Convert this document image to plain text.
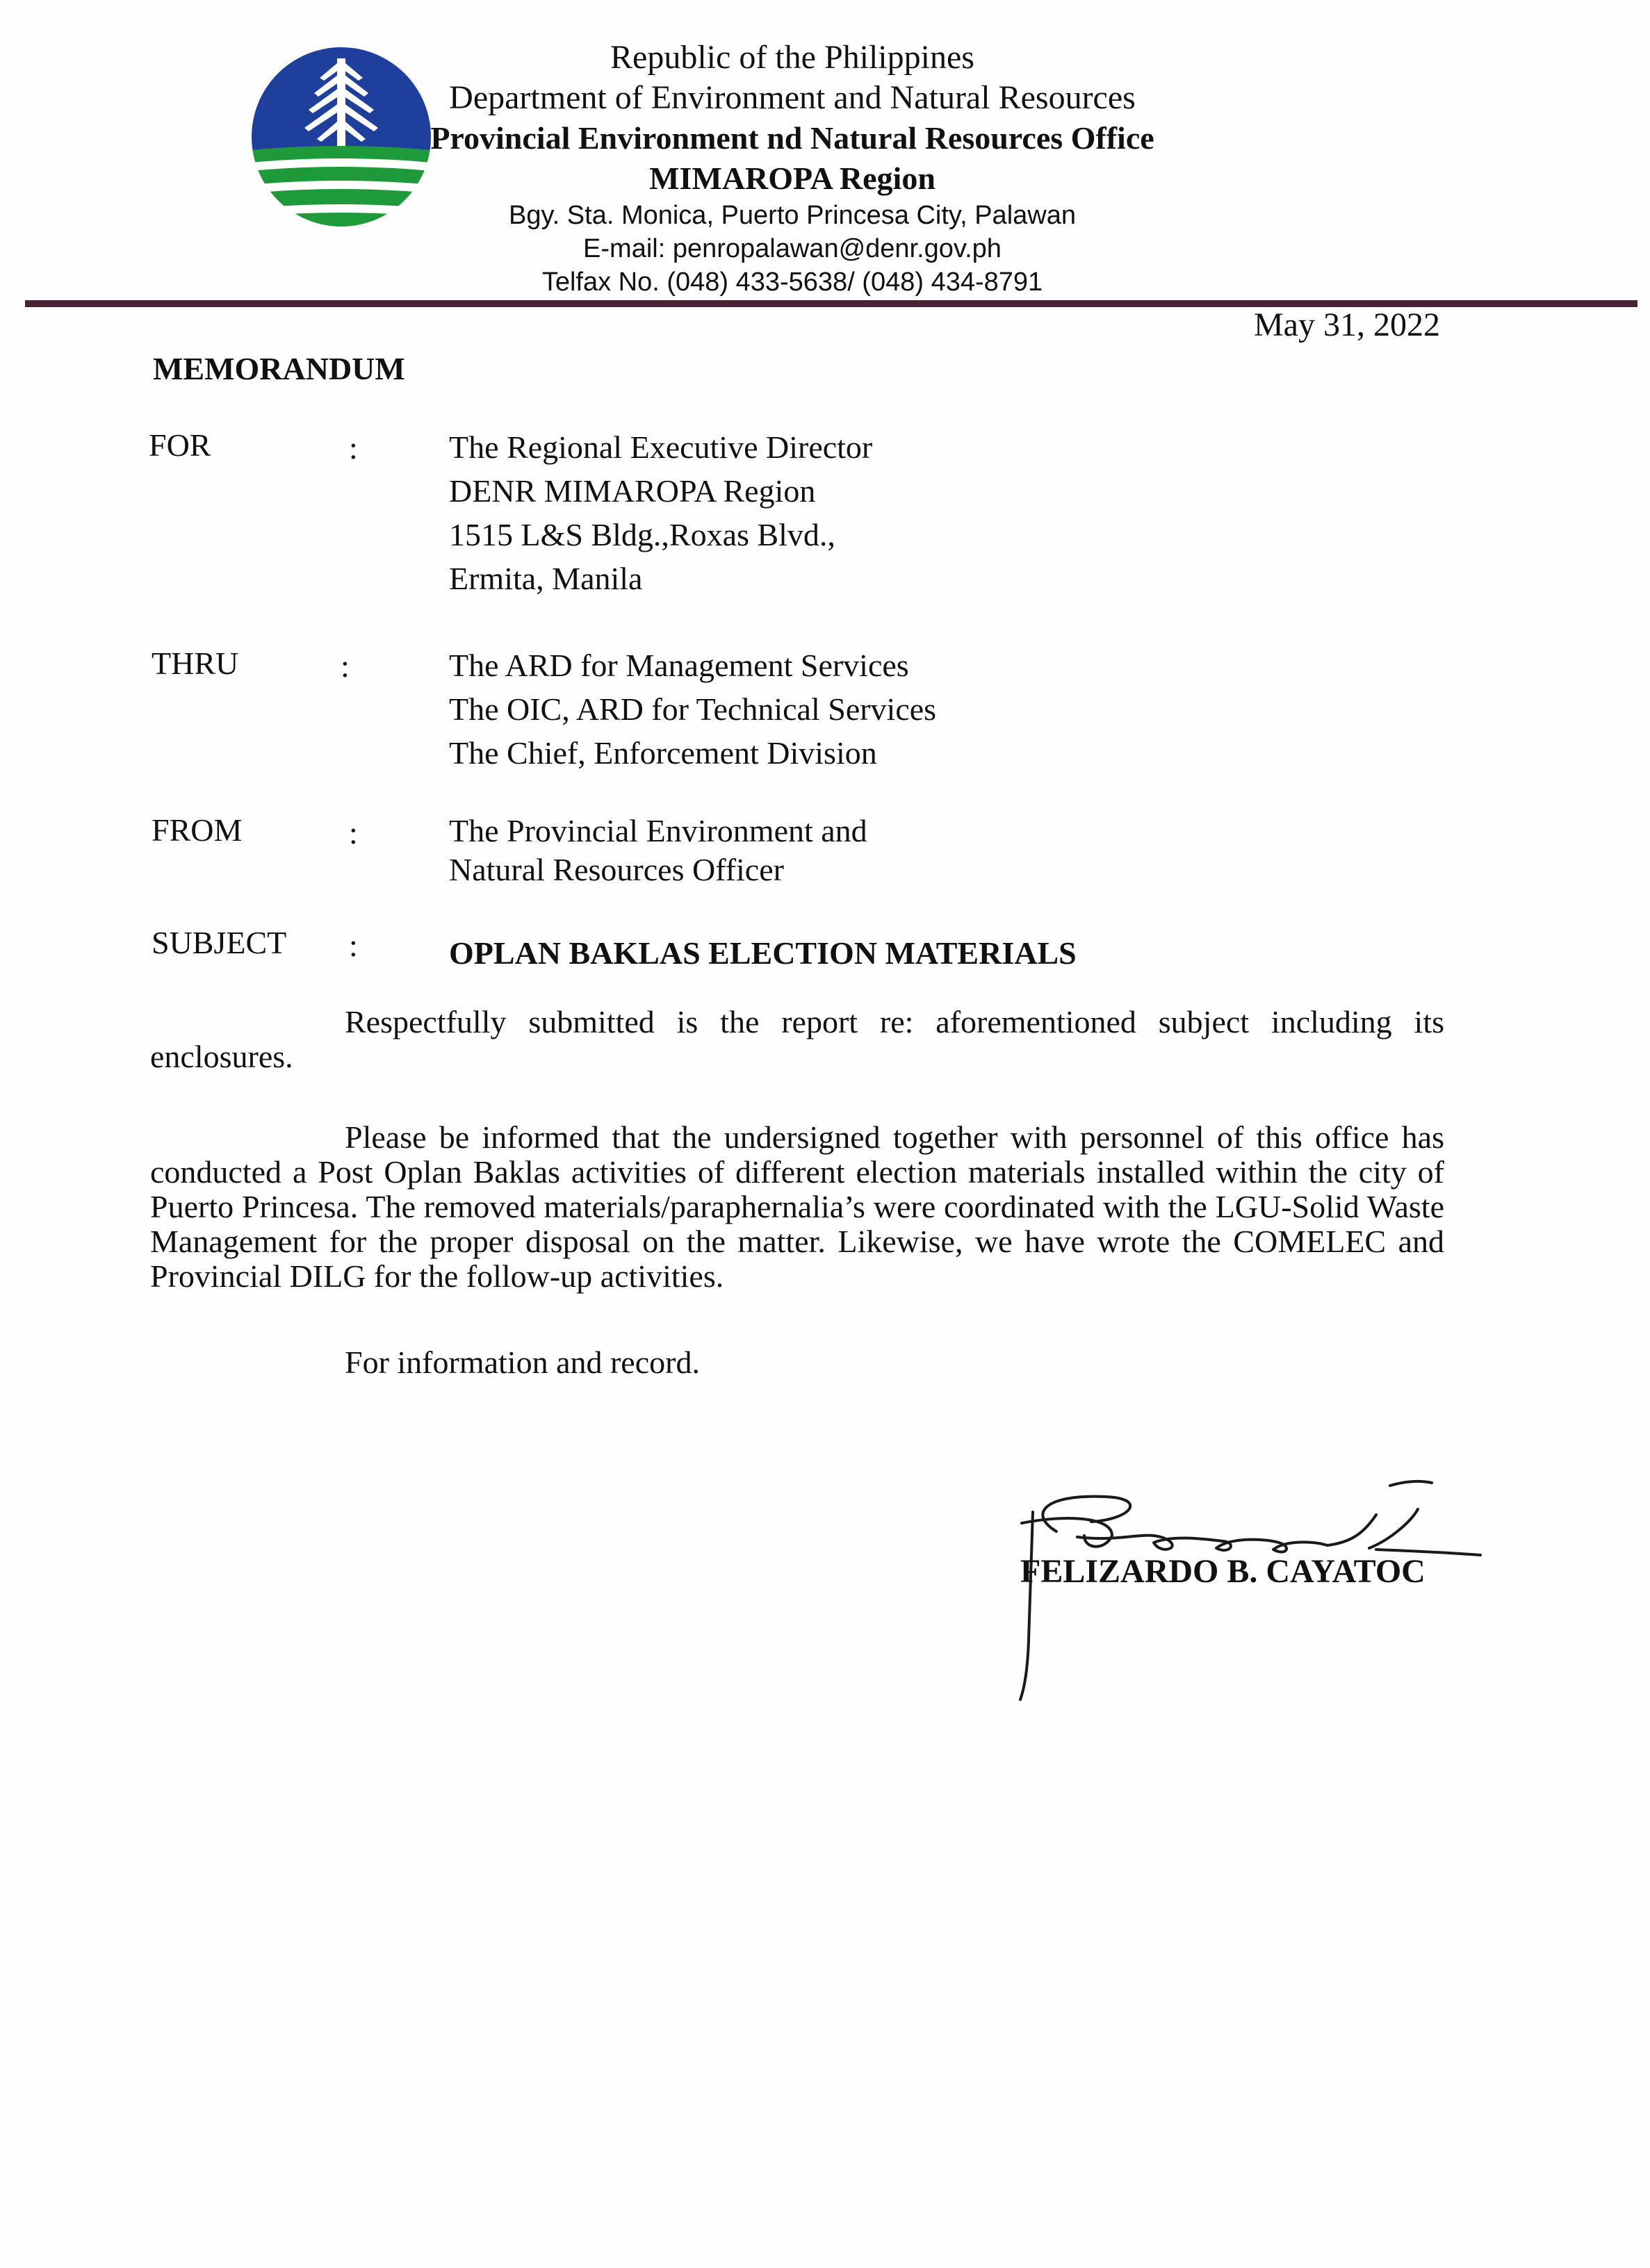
Republic of the Philippines
Department of Environment and Natural Resources
Provincial Environment nd Natural Resources Office
MIMAROPA Region
Bgy. Sta. Monica, Puerto Princesa City, Palawan
E-mail: penropalawan@denr.gov.ph
Telfax No. (048) 433-5638/ (048) 434-8791
May 31, 2022
MEMORANDUM
FOR	:	The Regional Executive Director
DENR MIMAROPA Region
1515 L&S Bldg.,Roxas Blvd.,
Ermita, Manila
THRU	:	The ARD for Management Services
The OIC, ARD for Technical Services
The Chief, Enforcement Division
FROM	:	The Provincial Environment and
Natural Resources Officer
SUBJECT :	OPLAN BAKLAS ELECTION MATERIALS
Respectfully submitted is the report re: aforementioned subject including its enclosures.
Please be informed that the undersigned together with personnel of this office has conducted a Post Oplan Baklas activities of different election materials installed within the city of Puerto Princesa. The removed materials/paraphernalia’s were coordinated with the LGU-Solid Waste Management for the proper disposal on the matter. Likewise, we have wrote the COMELEC and Provincial DILG for the follow-up activities.
For information and record.
FELIZARDO B. CAYATOC
